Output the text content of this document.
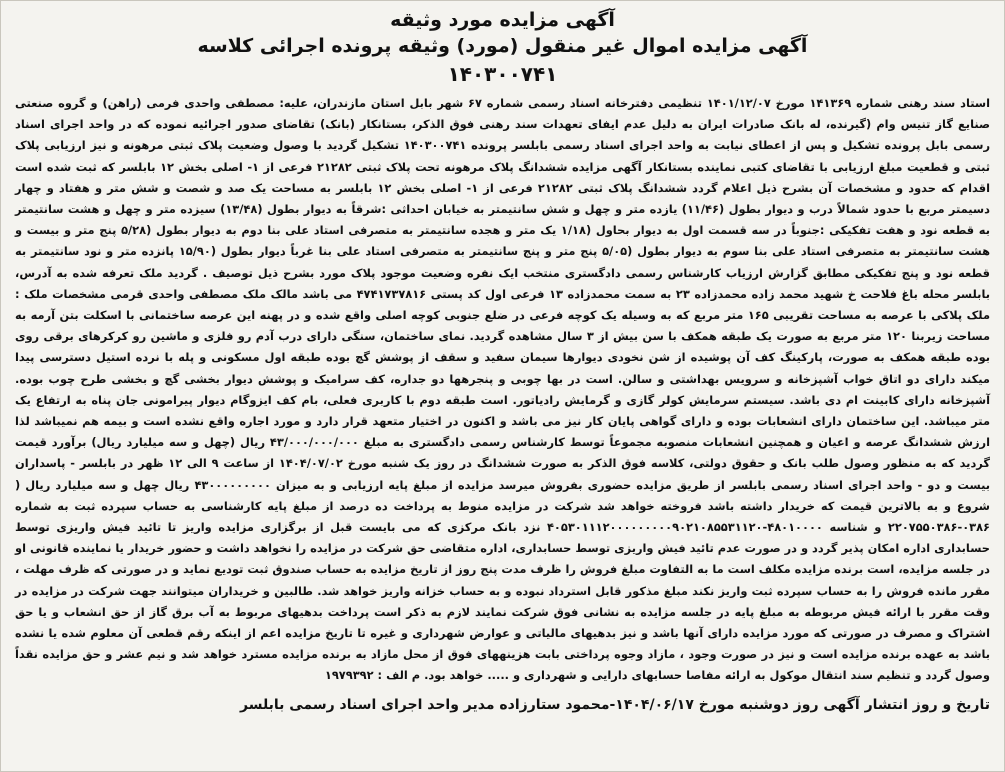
آگهی مزایده مورد وثیقه
آگهی مزایده اموال غیر منقول (مورد) وثیقه پرونده اجرائی کلاسه
۱۴۰۳۰۰۷۴۱

استاد سند رهنی شماره ۱۴۱۳۶۹ مورخ ۱۴۰۱/۱۲/۰۷ تنظیمی دفترخانه اسناد رسمی شماره ۶۷ شهر بابل استان مازندران، علیه: مصطفی واحدی فرمی (راهن) و گروه صنعتی صنایع گاز تنیس وام (گیرنده، له بانک صادرات ایران به دلیل عدم ایفای تعهدات سند رهنی فوق الذکر، بستانکار (بانک) تقاضای صدور اجرائیه نموده که در واحد اجرای اسناد رسمی بابل پرونده تشکیل و پس از اعطای نیابت به واحد اجرای اسناد رسمی بابلسر پرونده ۱۴۰۳۰۰۷۴۱ تشکیل گردید با وصول وضعیت پلاک ثبتی مرهونه و نیز ارزیابی پلاک ثبتی و قطعیت مبلغ ارزیابی با تقاضای کتبی نماینده بستانکار آگهی مزایده ششدانگ پلاک مرهونه تحت پلاک ثبتی ۲۱۲۸۲ فرعی از ۱- اصلی بخش ۱۲ بابلسر که ثبت شده است اقدام که حدود و مشخصات آن بشرح ذیل اعلام گردد ششدانگ پلاک ثبتی ۲۱۲۸۲ فرعی از ۱- اصلی بخش ۱۲ بابلسر به مساحت یک صد و شصت و شش متر و هفتاد و چهار دسیمتر مربع با حدود شمالاً درب و دیوار بطول (۱۱/۴۶) یازده متر و چهل و شش سانتیمتر به خیابان احداثی :شرقاً به دیوار بطول (۱۳/۴۸) سیزده متر و چهل و هشت سانتیمتر به قطعه نود و هفت تفکیکی :جنوباً در سه قسمت اول به دیوار بحاول (۱/۱۸ یک متر و هجده سانتیمتر به متصرفی استاد علی بنا دوم به دیوار بطول (۵/۲۸ پنج متر و بیست و هشت سانتیمتر به متصرفی استاد علی بنا سوم به دیوار بطول (۵/۰۵ پنج متر و پنج سانتیمتر به متصرفی استاد علی بنا غرباً دیوار بطول (۱۵/۹۰ پانزده متر و نود سانتیمتر به قطعه نود و پنج تفکیکی مطابق گزارش ارزیاب کارشناس رسمی دادگستری منتخب ایک نفره وضعیت موجود پلاک مورد بشرح ذیل توصیف . گردید ملک تعرفه شده به آدرس، بابلسر محله باغ فلاحت خ شهید محمد زاده محمدزاده ۲۳ به سمت محمدزاده ۱۳ فرعی اول کد پستی ۴۷۴۱۷۳۷۸۱۶ می باشد مالک ملک مصطفی واحدی قرمی مشخصات ملک : ملک پلاکی با عرصه به مساحت تقریبی ۱۶۵ متر مربع که به وسیله یک کوچه فرعی در ضلع جنوبی کوچه اصلی واقع شده و در پهنه این عرصه ساختمانی با اسکلت بتن آرمه به مساحت زیربنا ۱۲۰ متر مربع به صورت یک طبقه همکف با سن بیش از ۳ سال مشاهده گردید. نمای ساختمان، سنگی دارای درب آدم رو فلزی و ماشین رو کرکرهای برقی روی بوده طبقه همکف به صورت، پارکینگ کف آن پوشیده از شن نخودی دیوارها سیمان سفید و سقف از پوشش گچ بوده طبقه اول مسکونی و پله با نرده استیل دسترسی پیدا میکند دارای دو اتاق خواب آشپزخانه و سرویس بهداشتی و سالن. است در بها چوبی و پنجرهها دو جداره، کف سرامیک و پوشش دیوار بخشی گچ و بخشی طرح چوب بوده. آشپزخانه دارای کابینت ام دی باشد. سیستم سرمایش کولر گازی و گرمایش رادیاتور. است طبقه دوم با کاربری فعلی، بام کف ایزوگام دیوار پیرامونی جان پناه به ارتفاع یک متر میباشد. این ساختمان دارای انشعابات بوده و دارای گواهی پایان کار نیز می باشد و اکنون در اختیار متعهد قرار دارد و مورد اجاره واقع نشده است و بیمه هم نمیباشد لذا ارزش ششدانگ عرصه و اعیان و همچنین انشعابات منصوبه مجموعاً توسط کارشناس رسمی دادگستری به مبلغ ۴۳/۰۰۰/۰۰۰/۰۰۰ ریال (چهل و سه میلیارد ریال) برآورد قیمت گردید که به منظور وصول طلب بانک و حقوق دولتی، کلاسه فوق الذکر به صورت ششدانگ در روز یک شنبه مورخ ۱۴۰۴/۰۷/۰۲ از ساعت ۹ الی ۱۲ ظهر در بابلسر - پاسداران بیست و دو - واحد اجرای اسناد رسمی بابلسر از طریق مزایده حضوری بفروش میرسد مزایده از مبلغ پایه ارزیابی و به میزان ۴۳۰۰۰۰۰۰۰۰۰ ریال چهل و سه میلیارد ریال ( شروع و به بالاترین قیمت که خریدار داشته باشد فروخته خواهد شد شرکت در مزایده منوط به پرداخت ده درصد از مبلغ پایه کارشناسی به حساب سپرده ثبت به شماره ۰۳۸۶-۲۲۰۷۵۵۰۳۸۶ و شناسه ۴۸۰۱۰۰۰۰-۴۰۵۳۰۱۱۱۲۰۰۰۰۰۰۰۰۰۹۰۲۱۰۸۵۵۳۱۱۲۰ نزد بانک مرکزی که می بایست قبل از برگزاری مزایده واریز تا تائید فیش واریزی توسط حسابداری اداره امکان پذیر گردد و در صورت عدم تائید فیش واریزی توسط حسابداری، اداره متقاضی حق شرکت در مزایده را نخواهد داشت و حضور خریدار یا نماینده قانونی او در جلسه مزایده، است برنده مزایده مکلف است ما به التفاوت مبلغ فروش را ظرف مدت پنج روز از تاریخ مزایده به حساب صندوق ثبت تودیع نماید و در صورتی که ظرف مهلت ، مقرر مانده فروش را به حساب سپرده ثبت واریز نکند مبلغ مذکور قابل استرداد نبوده و به حساب خزانه واریز خواهد شد. طالبین و خریداران میتوانند جهت شرکت در مزایده در وقت مقرر با ارائه فیش مربوطه به مبلغ پایه در جلسه مزایده به نشانی فوق شرکت نمایند لازم به ذکر است پرداخت بدهیهای مربوط به آب برق گاز از حق انشعاب و یا حق اشتراک و مصرف در صورتی که مورد مزایده دارای آنها باشد و نیز بدهیهای مالیاتی و عوارض شهرداری و غیره تا تاریخ مزایده اعم از اینکه رقم قطعی آن معلوم شده یا نشده باشد به عهده برنده مزایده است و نیز در صورت وجود ، مازاد وجوه پرداختی بابت هزینههای فوق از محل مازاد به برنده مزایده مسترد خواهد شد و نیم عشر و حق مزایده نقداً وصول گردد و تنظیم سند انتقال موکول به ارائه مفاصا حسابهای دارایی و شهرداری و ..... خواهد بود. م الف : ۱۹۷۹۳۹۲

تاریخ و روز انتشار آگهی روز دوشنبه مورخ ۱۴۰۴/۰۶/۱۷-محمود ستارزاده مدیر واحد اجرای اسناد رسمی بابلسر
